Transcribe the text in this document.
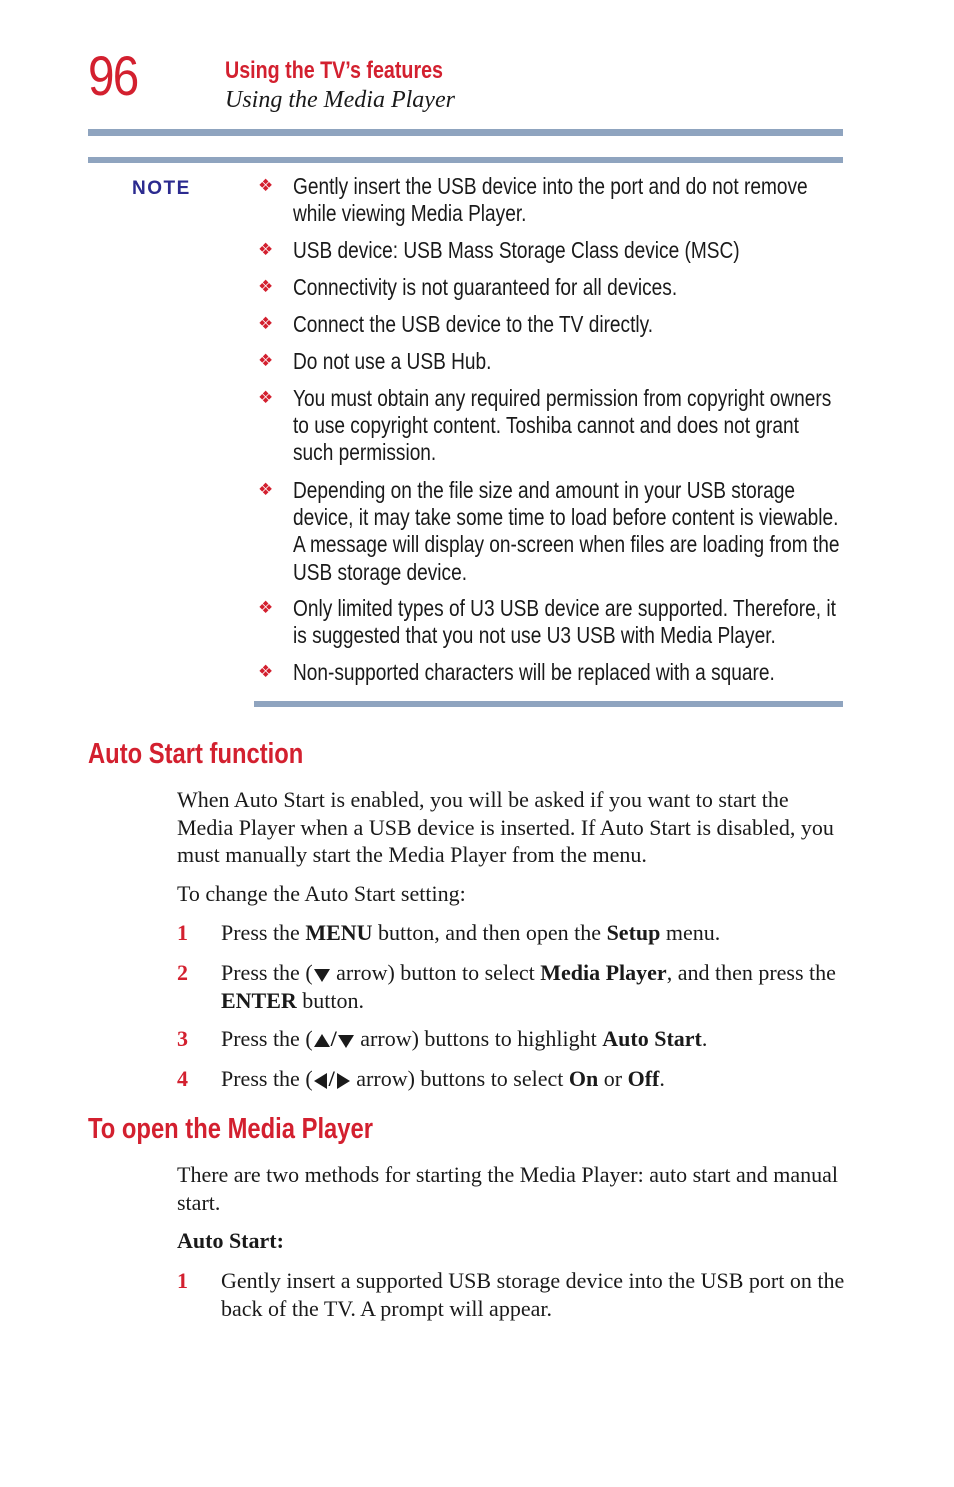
96	Using the TV’s features
Using the Media Player
NOTE	❖ Gently insert the USB device into the port and do not remove while viewing Media Player.
❖ USB device: USB Mass Storage Class device (MSC)
❖ Connectivity is not guaranteed for all devices.
❖ Connect the USB device to the TV directly.
❖ Do not use a USB Hub.
❖ You must obtain any required permission from copyright owners to use copyright content. Toshiba cannot and does not grant such permission.
❖ Depending on the file size and amount in your USB storage device, it may take some time to load before content is viewable. A message will display on-screen when files are loading from the USB storage device.
❖ Only limited types of U3 USB device are supported. Therefore, it is suggested that you not use U3 USB with Media Player.
❖ Non-supported characters will be replaced with a square.
Auto Start function
When Auto Start is enabled, you will be asked if you want to start the Media Player when a USB device is inserted. If Auto Start is disabled, you must manually start the Media Player from the menu.
To change the Auto Start setting:
1 Press the MENU button, and then open the Setup menu.
2 Press the ( arrow) button to select Media Player, and then press the ENTER button.
3 Press the ( / arrow) buttons to highlight Auto Start.
4 Press the ( / arrow) buttons to select On or Off.
To open the Media Player
There are two methods for starting the Media Player: auto start and manual start.
Auto Start:
1 Gently insert a supported USB storage device into the USB port on the back of the TV. A prompt will appear.
